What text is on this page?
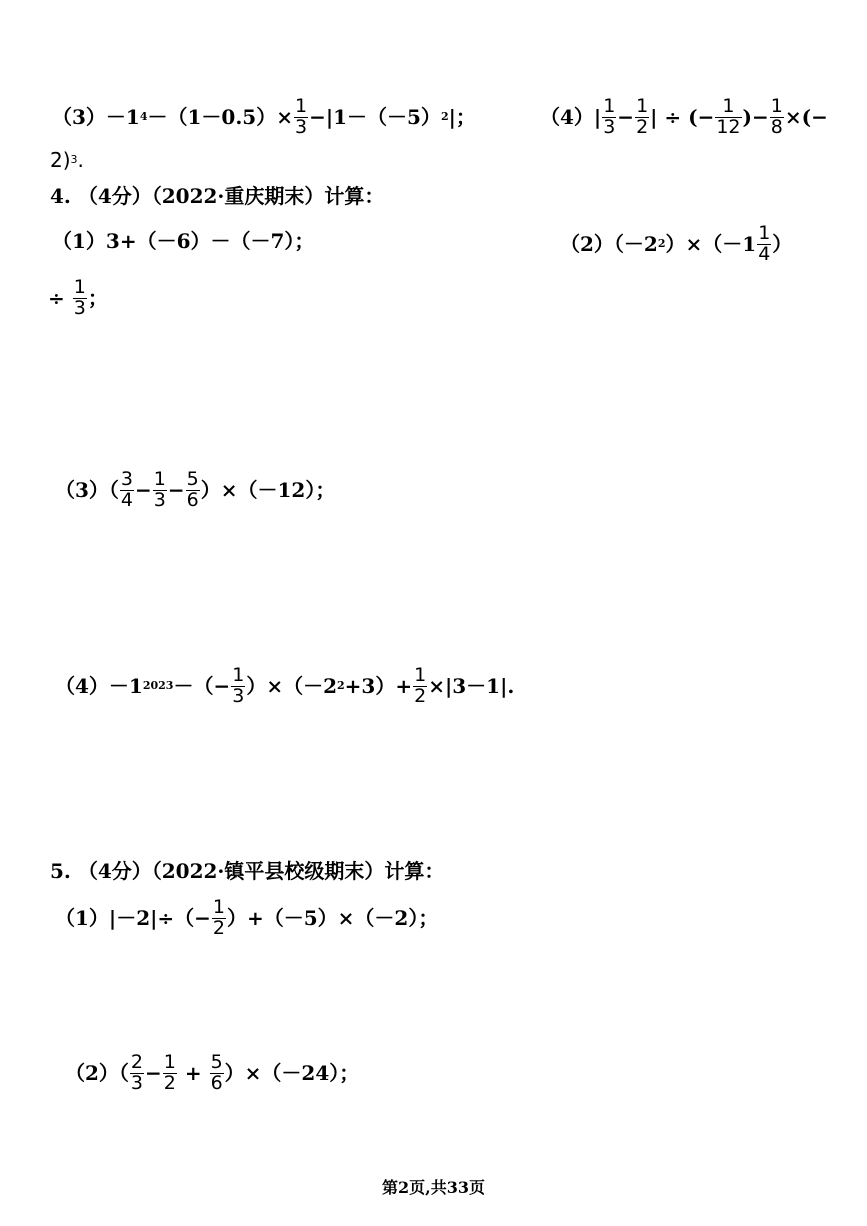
（3）－1 $4 -(1-0.5)\times \frac{1}{3} -|1-(-5)$ 2 |；	$(4)| \frac{1}{3} - \frac{1}{2}$ | ÷ (− $\frac{1}{12}$ )− $\frac{1}{8}$ ×(−
2) 3 .
4. （4分）（2022·重庆期末）计算：
（1）3+（－6）－（－7）；	（2）（－2 2 ）$\times(-1 \frac{1}{4}$ ）
÷ $\frac{1}{3}$ ；
$(3)( \frac{3}{4} - \frac{1}{3} - \frac{5}{6} )\times(-12)$；
（4）－1 2023 －（− $\frac{1}{3} )\times(-2$ $2 +3)+ \frac{1}{2} \times|3-1|$.
5. （4分）（2022·镇平县校级期末）计算：
$(1)|-2|\div(- \frac{1}{2} )+(-5)\times(-2)$；
$(2)( \frac{2}{3} - \frac{1}{2} + \frac{5}{6} )\times(-24)$；
第2页,共33页
